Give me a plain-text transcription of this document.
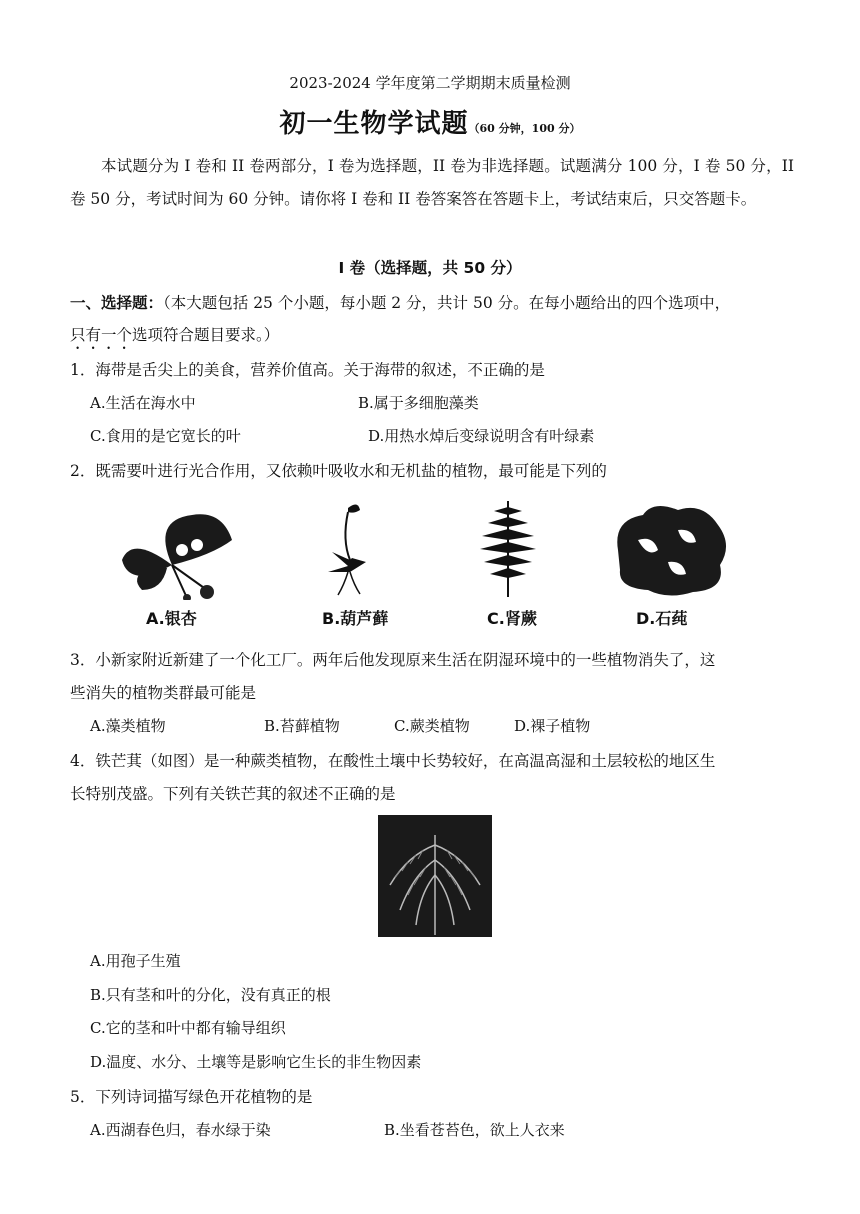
2023-2024 学年度第二学期期末质量检测
初一生物学试题（60 分钟，100 分）
本试题分为 I 卷和 II 卷两部分，I 卷为选择题，II 卷为非选择题。试题满分 100 分，I 卷 50 分，II 卷 50 分，考试时间为 60 分钟。请你将 I 卷和 II 卷答案答在答题卡上，考试结束后，只交答题卡。
I 卷（选择题，共 50 分）
一、选择题：（本大题包括 25 个小题，每小题 2 分，共计 50 分。在每小题给出的四个选项中，
只有一个选项符合题目要求。）
1．海带是舌尖上的美食，营养价值高。关于海带的叙述，不正确的是
A.生活在海水中	B.属于多细胞藻类
C.食用的是它宽长的叶	D.用热水焯后变绿说明含有叶绿素
2．既需要叶进行光合作用，又依赖叶吸收水和无机盐的植物，最可能是下列的
A.银杏	B.葫芦藓	C.肾蕨	D.石莼
3．小新家附近新建了一个化工厂。两年后他发现原来生活在阴湿环境中的一些植物消失了，这
些消失的植物类群最可能是
A.藻类植物	B.苔藓植物	C.蕨类植物	D.裸子植物
4．铁芒萁（如图）是一种蕨类植物，在酸性土壤中长势较好，在高温高湿和土层较松的地区生
长特别茂盛。下列有关铁芒萁的叙述不正确的是
A.用孢子生殖
B.只有茎和叶的分化，没有真正的根
C.它的茎和叶中都有输导组织
D.温度、水分、土壤等是影响它生长的非生物因素
5．下列诗词描写绿色开花植物的是
A.西湖春色归，春水绿于染	B.坐看苍苔色，欲上人衣来
